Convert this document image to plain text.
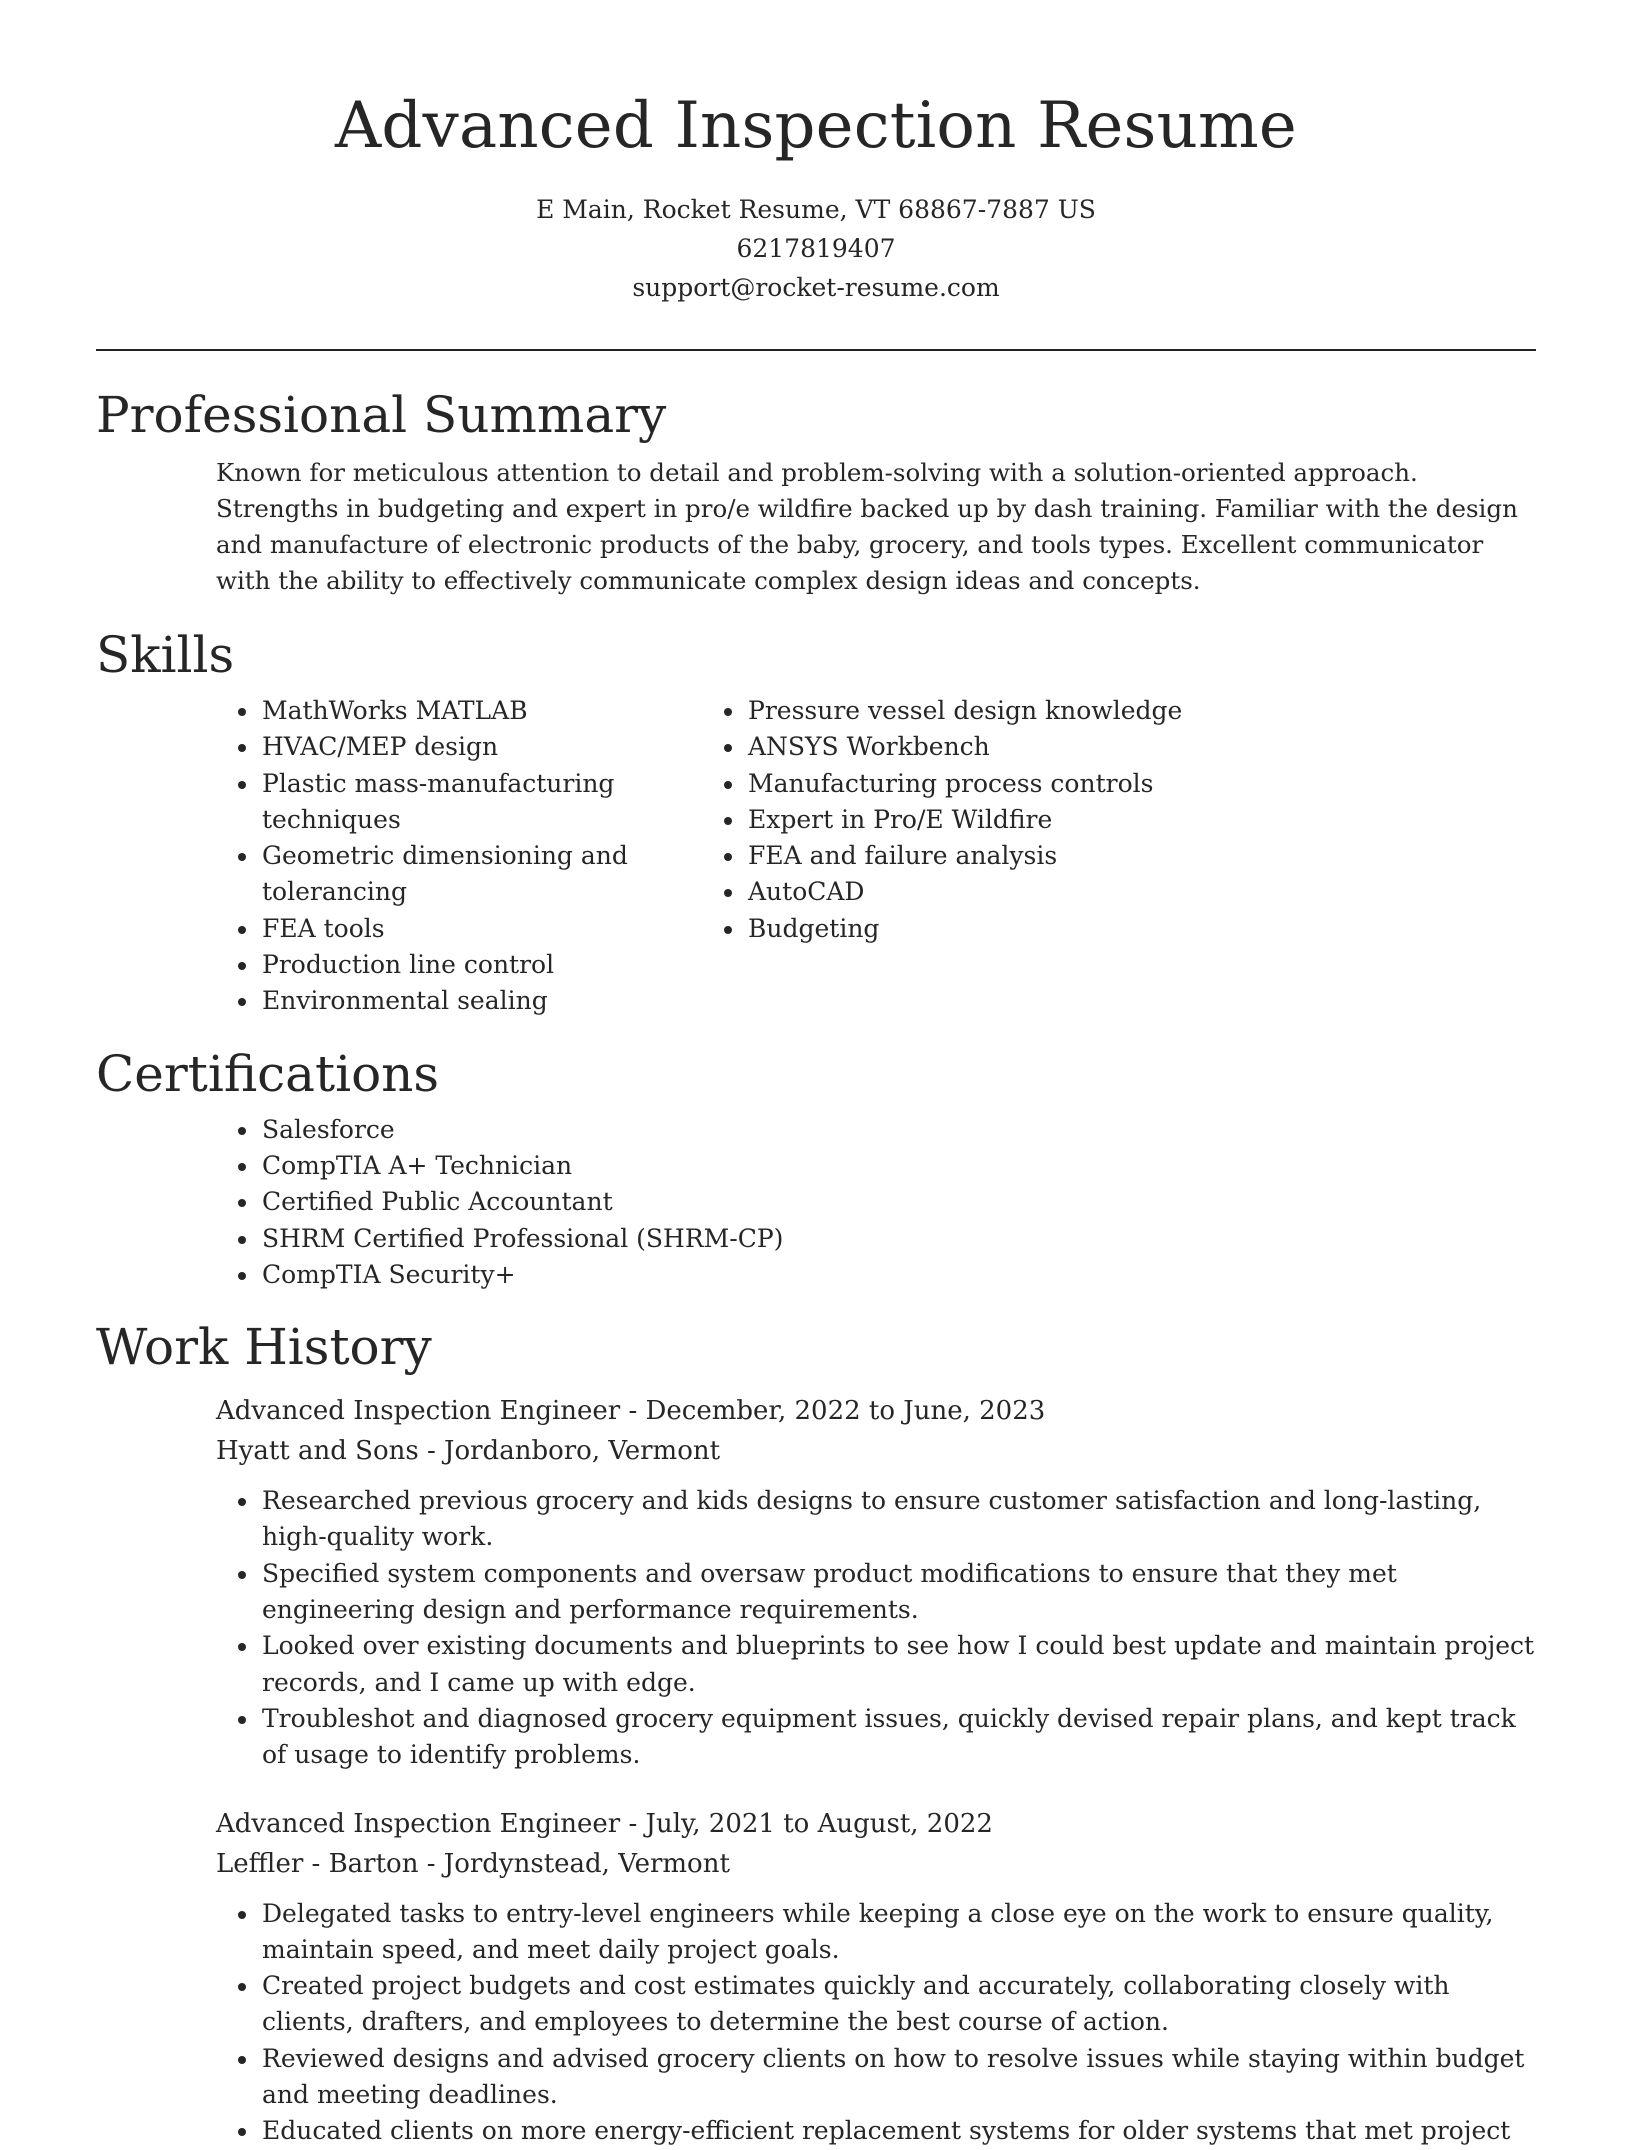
Advanced Inspection Resume
E Main, Rocket Resume, VT 68867-7887 US
6217819407
support@rocket-resume.com
Professional Summary

Known for meticulous attention to detail and problem-solving with a solution-oriented approach. Strengths in budgeting and expert in pro/e wildfire backed up by dash training. Familiar with the design and manufacture of electronic products of the baby, grocery, and tools types. Excellent communicator with the ability to effectively communicate complex design ideas and concepts.

Skills
• MathWorks MATLAB
• HVAC/MEP design
• Plastic mass-manufacturing techniques
• Geometric dimensioning and tolerancing
• FEA tools
• Production line control
• Environmental sealing
• Pressure vessel design knowledge
• ANSYS Workbench
• Manufacturing process controls
• Expert in Pro/E Wildfire
• FEA and failure analysis
• AutoCAD
• Budgeting
Certifications
• Salesforce
• CompTIA A+ Technician
• Certified Public Accountant
• SHRM Certified Professional (SHRM-CP)
• CompTIA Security+
Work History
Advanced Inspection Engineer - December, 2022 to June, 2023
Hyatt and Sons - Jordanboro, Vermont
• Researched previous grocery and kids designs to ensure customer satisfaction and long-lasting, high-quality work.
• Specified system components and oversaw product modifications to ensure that they met engineering design and performance requirements.
• Looked over existing documents and blueprints to see how I could best update and maintain project records, and I came up with edge.
• Troubleshot and diagnosed grocery equipment issues, quickly devised repair plans, and kept track of usage to identify problems.
Advanced Inspection Engineer - July, 2021 to August, 2022
Leffler - Barton - Jordynstead, Vermont
• Delegated tasks to entry-level engineers while keeping a close eye on the work to ensure quality, maintain speed, and meet daily project goals.
• Created project budgets and cost estimates quickly and accurately, collaborating closely with clients, drafters, and employees to determine the best course of action.
• Reviewed designs and advised grocery clients on how to resolve issues while staying within budget and meeting deadlines.
• Educated clients on more energy-efficient replacement systems for older systems that met project
